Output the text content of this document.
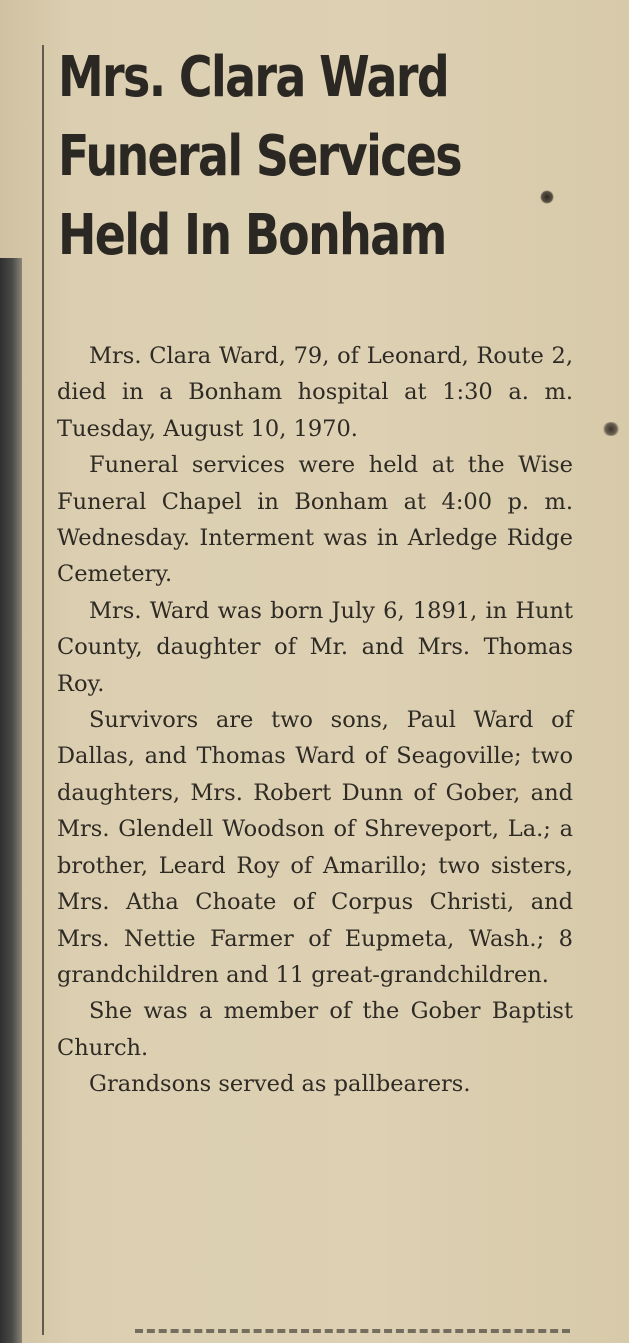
Mrs. Clara Ward
Funeral Services
Held In Bonham

Mrs. Clara Ward, 79, of Leonard, Route 2, died in a Bonham hospital at 1:30 a. m. Tuesday, August 10, 1970.

Funeral services were held at the Wise Funeral Chapel in Bonham at 4:00 p. m. Wednesday. Interment was in Arledge Ridge Cemetery.

Mrs. Ward was born July 6, 1891, in Hunt County, daughter of Mr. and Mrs. Thomas Roy.

Survivors are two sons, Paul Ward of Dallas, and Thomas Ward of Seagoville; two daughters, Mrs. Robert Dunn of Gober, and Mrs. Glendell Woodson of Shreveport, La.; a brother, Leard Roy of Amarillo; two sisters, Mrs. Atha Choate of Corpus Christi, and Mrs. Nettie Farmer of Eupmeta, Wash.; 8 grandchildren and 11 great-grandchildren.

She was a member of the Gober Baptist Church.

Grandsons served as pallbearers.
